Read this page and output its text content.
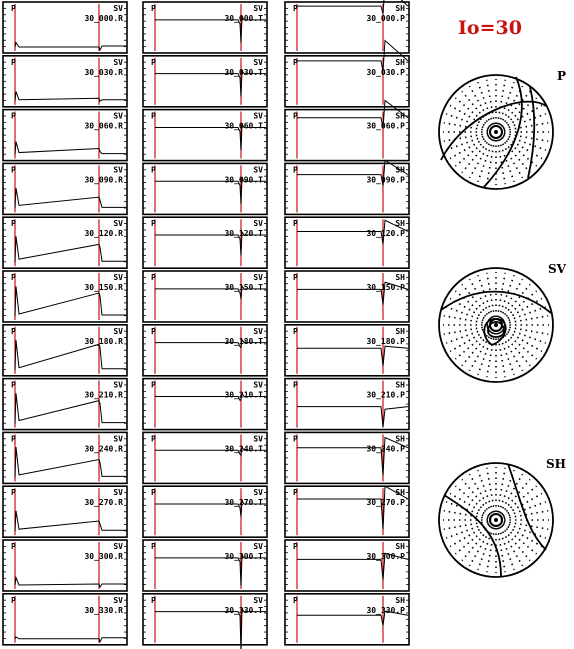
Io=30
P	SV
30_000.R
P	SV
30_030.R
P	SV
30_060.R
P	SV
30_090.R
P	SV
30_120.R
P	SV
30_150.R
P	SV
30_180.R
P	SV
30_210.R
P	SV
30_240.R
P	SV
30_270.R
P	SV
30_300.R
P	SV
30_330.R
P	SV
30_000.T
P	SV
30_030.T
P	SV
30_060.T
P	SV
30_090.T
P	SV
30_120.T
P	SV
30_150.T
P	SV
30_180.T
P	SV
30_210.T
P	SV
30_240.T
P	SV
30_270.T
P	SV
30_300.T
P	SV
30_330.T
P	SH
30_000.P
P	SH
30_030.P
P	SH
30_060.P
P	SH
30_090.P
P	SH
30_120.P
P	SH
30_150.P
P	SH
30_180.P
P	SH
30_210.P
P	SH
30_240.P
P	SH
30_270.P
P	SH
30_300.P
P	SH
30_330.P
P
SV
SH
